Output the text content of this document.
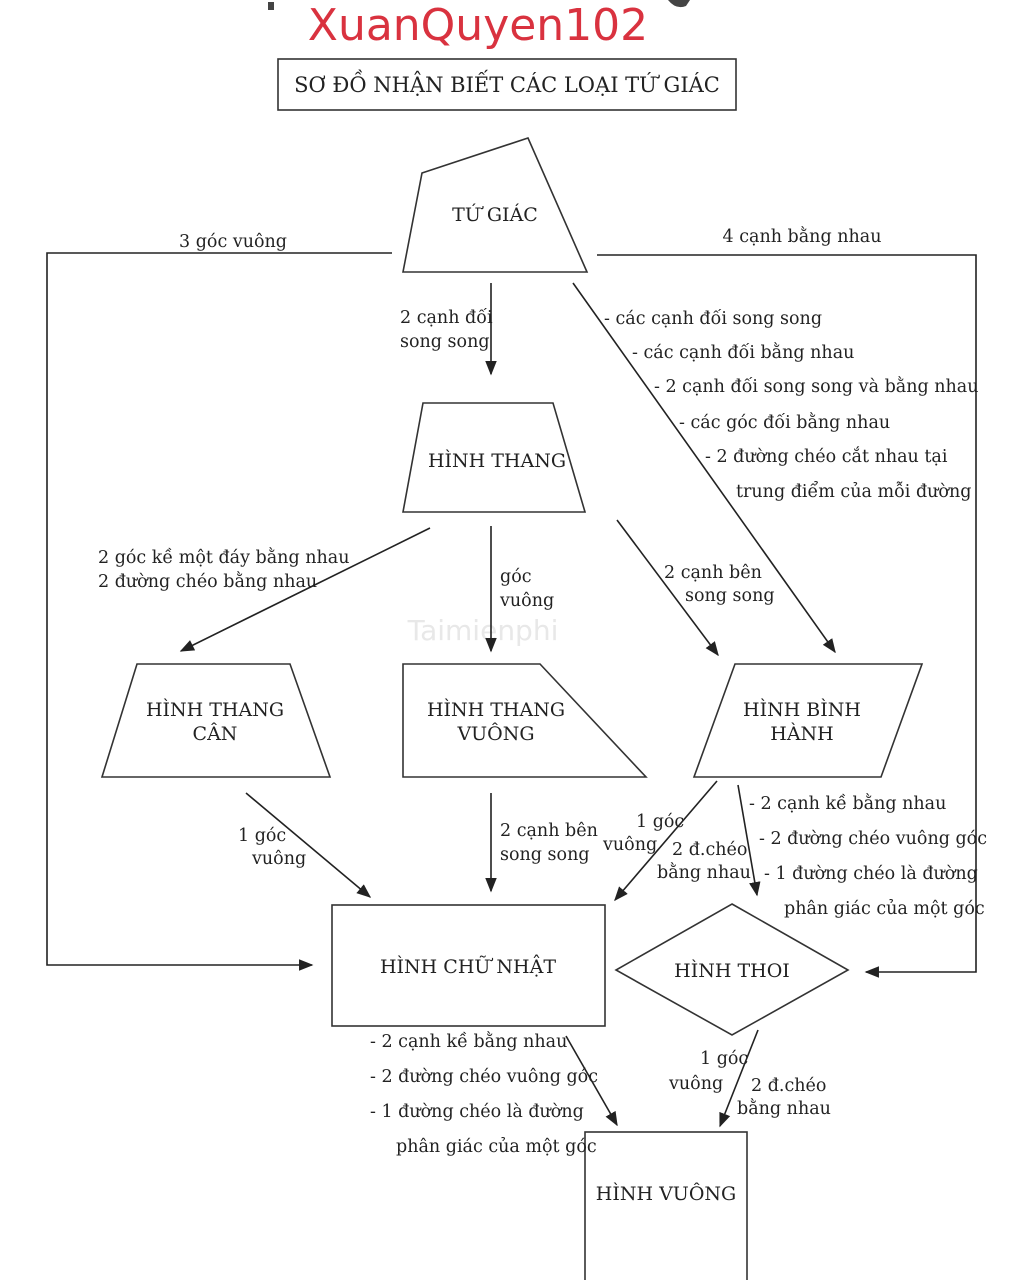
XuanQuyen102
SƠ ĐỒ NHẬN BIẾT CÁC LOẠI TỨ GIÁC
Taimienphi
TỨ GIÁC
HÌNH THANG
HÌNH THANG
CÂN
HÌNH THANG
VUÔNG
HÌNH BÌNH
HÀNH
HÌNH CHỮ NHẬT	HÌNH THOI
HÌNH VUÔNG
3 góc vuông	4 cạnh bằng nhau
2 cạnh đối
song song
- các cạnh đối song song
- các cạnh đối bằng nhau
- 2 cạnh đối song song và bằng nhau
- các góc đối bằng nhau
- 2 đường chéo cắt nhau tại
trung điểm của mỗi đường
2 góc kề một đáy bằng nhau
2 đường chéo bằng nhau	góc
vuông
2 cạnh bên
song song
1 góc
vuông
2 cạnh bên
song song
1 góc
vuông 2 đ.chéo
bằng nhau
- 2 cạnh kề bằng nhau
- 2 đường chéo vuông góc
- 1 đường chéo là đường
phân giác của một góc
- 2 cạnh kề bằng nhau
- 2 đường chéo vuông góc
- 1 đường chéo là đường
phân giác của một góc
1 góc
vuông 2 đ.chéo
bằng nhau
